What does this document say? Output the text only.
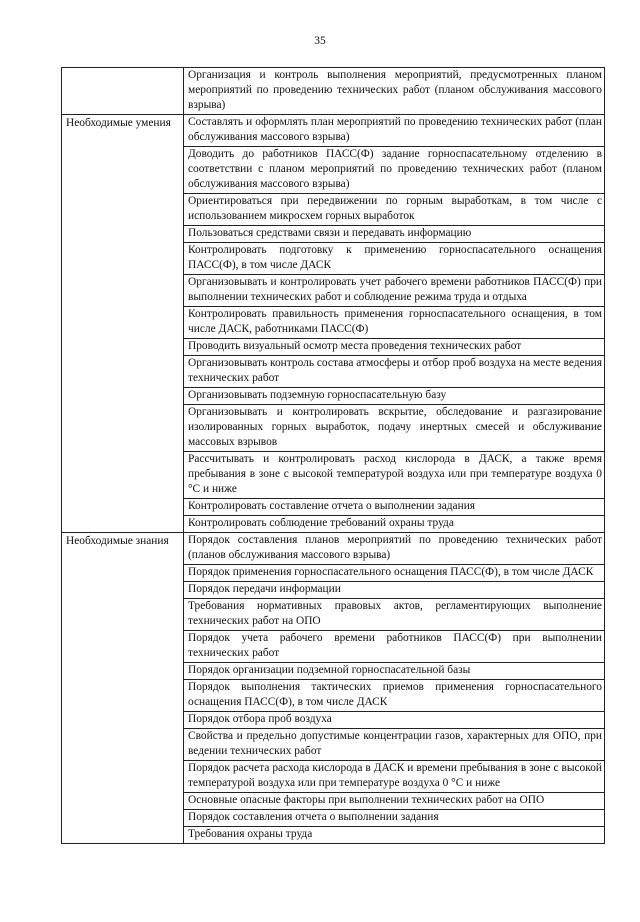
35
	Организация и контроль выполнения мероприятий, предусмотренных планом мероприятий по проведению технических работ (планом обслуживания массового взрыва)
Необходимые умения	Составлять и оформлять план мероприятий по проведению технических работ (план обслуживания массового взрыва)
	Доводить до работников ПАСС(Ф) задание горноспасательному отделению в соответствии с планом мероприятий по проведению технических работ (планом обслуживания массового взрыва)
	Ориентироваться при передвижении по горным выработкам, в том числе с использованием микросхем горных выработок
	Пользоваться средствами связи и передавать информацию
	Контролировать подготовку к применению горноспасательного оснащения ПАСС(Ф), в том числе ДАСК
	Организовывать и контролировать учет рабочего времени работников ПАСС(Ф) при выполнении технических работ и соблюдение режима труда и отдыха
	Контролировать правильность применения горноспасательного оснащения, в том числе ДАСК, работниками ПАСС(Ф)
	Проводить визуальный осмотр места проведения технических работ
	Организовывать контроль состава атмосферы и отбор проб воздуха на месте ведения технических работ
	Организовывать подземную горноспасательную базу
	Организовывать и контролировать вскрытие, обследование и разгазирование изолированных горных выработок, подачу инертных смесей и обслуживание массовых взрывов
	Рассчитывать и контролировать расход кислорода в ДАСК, а также время пребывания в зоне с высокой температурой воздуха или при температуре воздуха 0 °С и ниже
	Контролировать составление отчета о выполнении задания
	Контролировать соблюдение требований охраны труда
Необходимые знания	Порядок составления планов мероприятий по проведению технических работ (планов обслуживания массового взрыва)
	Порядок применения горноспасательного оснащения ПАСС(Ф), в том числе ДАСК
	Порядок передачи информации
	Требования нормативных правовых актов, регламентирующих выполнение технических работ на ОПО
	Порядок учета рабочего времени работников ПАСС(Ф) при выполнении технических работ
	Порядок организации подземной горноспасательной базы
	Порядок выполнения тактических приемов применения горноспасательного оснащения ПАСС(Ф), в том числе ДАСК
	Порядок отбора проб воздуха
	Свойства и предельно допустимые концентрации газов, характерных для ОПО, при ведении технических работ
	Порядок расчета расхода кислорода в ДАСК и времени пребывания в зоне с высокой температурой воздуха или при температуре воздуха 0 °С и ниже
	Основные опасные факторы при выполнении технических работ на ОПО
	Порядок составления отчета о выполнении задания
	Требования охраны труда
